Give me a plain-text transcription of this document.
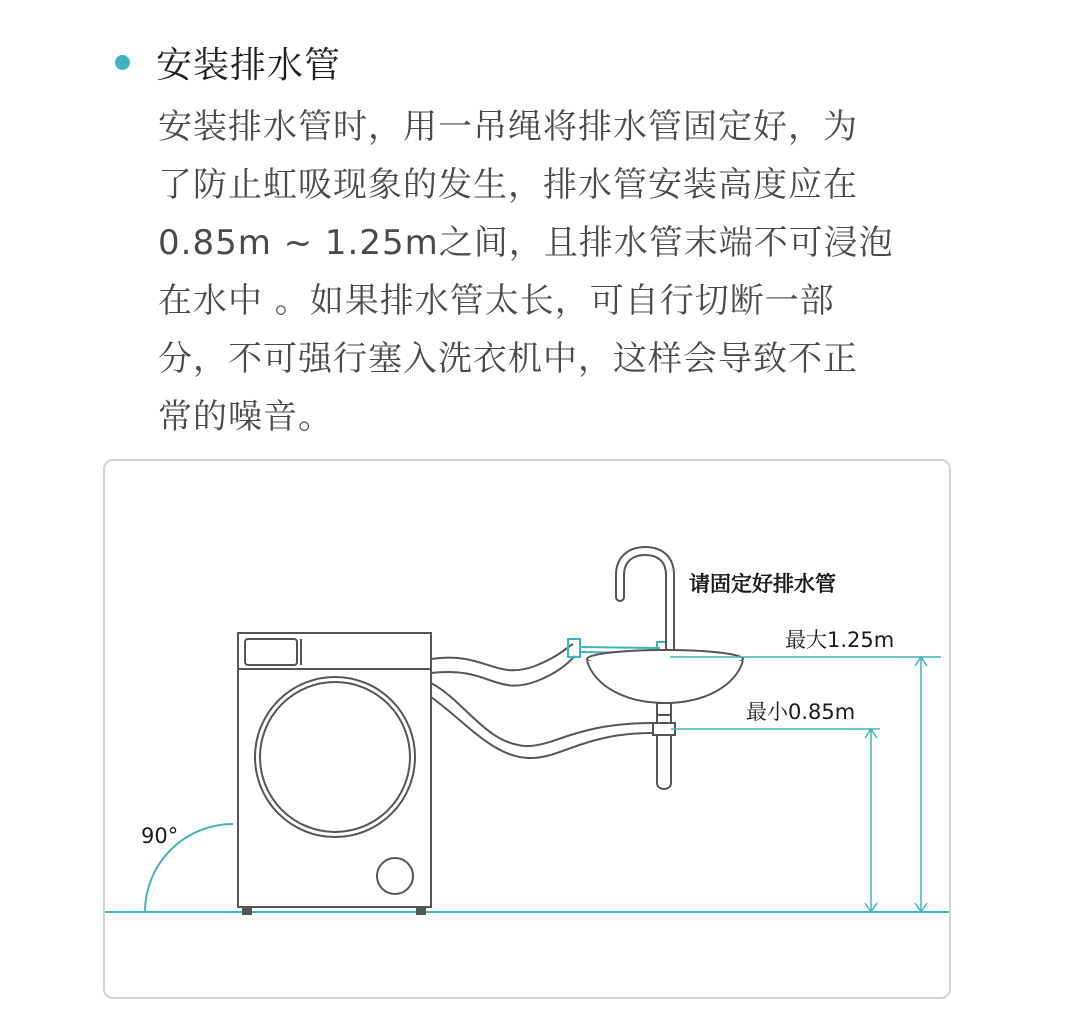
安装排水管

安装排水管时，用一吊绳将排水管固定好，为
了防止虹吸现象的发生，排水管安装高度应在
0.85m ~ 1.25m之间，且排水管末端不可浸泡
在水中 。如果排水管太长，可自行切断一部
分，不可强行塞入洗衣机中，这样会导致不正
常的噪音。

90°
请固定好排水管
最大1.25m
最小0.85m
